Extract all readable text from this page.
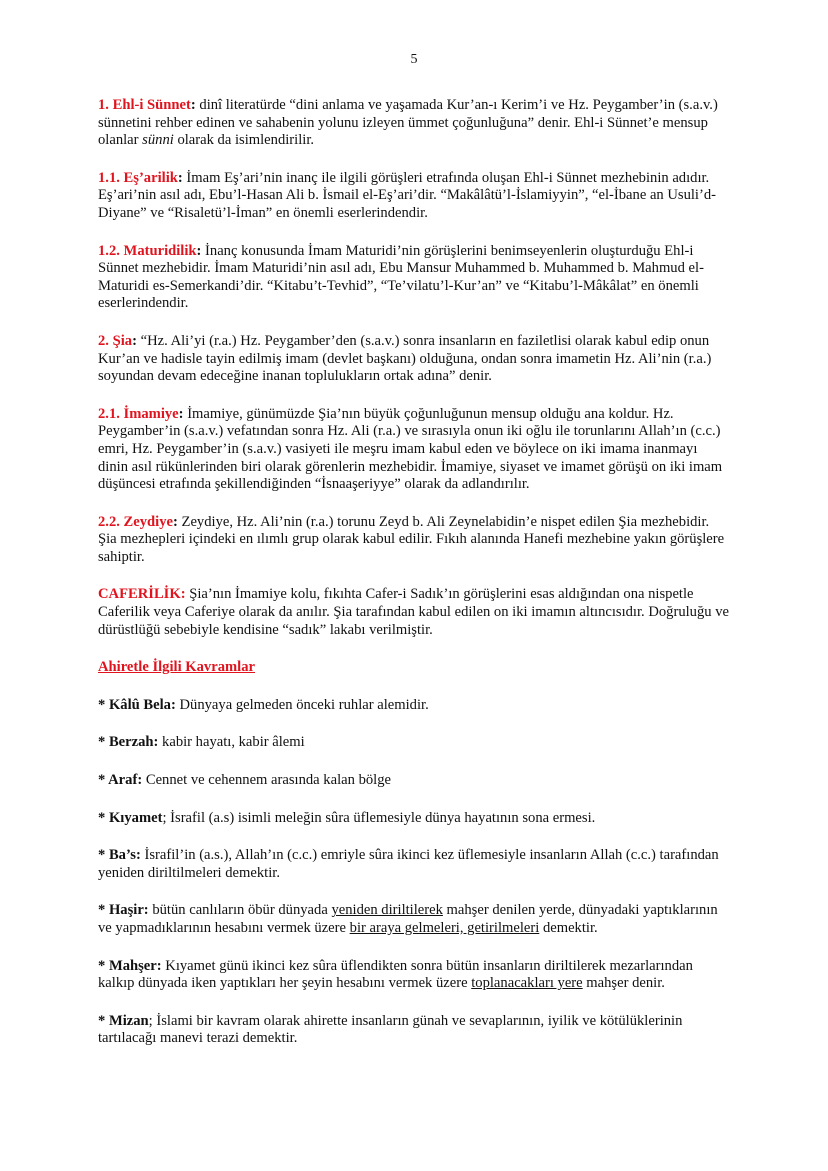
5

1. Ehl-i Sünnet: dinî literatürde “dini anlama ve yaşamada Kur’an-ı Kerim’i ve Hz. Peygamber’in (s.a.v.) sünnetini rehber edinen ve sahabenin yolunu izleyen ümmet çoğunluğuna” denir. Ehl-i Sünnet’e mensup olanlar sünni olarak da isimlendirilir.

1.1. Eş’arilik: İmam Eş’ari’nin inanç ile ilgili görüşleri etrafında oluşan Ehl-i Sünnet mezhebinin adıdır. Eş’ari’nin asıl adı, Ebu’l-Hasan Ali b. İsmail el-Eş’ari’dir. “Makâlâtü’l-İslamiyyin”, “el-İbane an Usuli’d-Diyane” ve “Risaletü’l-İman” en önemli eserlerindendir.

1.2. Maturidilik: İnanç konusunda İmam Maturidi’nin görüşlerini benimseyenlerin oluşturduğu Ehl-i Sünnet mezhebidir. İmam Maturidi’nin asıl adı, Ebu Mansur Muhammed b. Muhammed b. Mahmud el-Maturidi es-Semerkandi’dir. “Kitabu’t-Tevhid”, “Te’vilatu’l-Kur’an” ve “Kitabu’l-Mâkâlat” en önemli eserlerindendir.

2. Şia: “Hz. Ali’yi (r.a.) Hz. Peygamber’den (s.a.v.) sonra insanların en faziletlisi olarak kabul edip onun Kur’an ve hadisle tayin edilmiş imam (devlet başkanı) olduğuna, ondan sonra imametin Hz. Ali’nin (r.a.) soyundan devam edeceğine inanan toplulukların ortak adına” denir.

2.1. İmamiye: İmamiye, günümüzde Şia’nın büyük çoğunluğunun mensup olduğu ana koldur. Hz. Peygamber’in (s.a.v.) vefatından sonra Hz. Ali (r.a.) ve sırasıyla onun iki oğlu ile torunlarını Allah’ın (c.c.) emri, Hz. Peygamber’in (s.a.v.) vasiyeti ile meşru imam kabul eden ve böylece on iki imama inanmayı dinin asıl rükünlerinden biri olarak görenlerin mezhebidir. İmamiye, siyaset ve imamet görüşü on iki imam düşüncesi etrafında şekillendiğinden “İsnaaşeriyye” olarak da adlandırılır.

2.2. Zeydiye: Zeydiye, Hz. Ali’nin (r.a.) torunu Zeyd b. Ali Zeynelabidin’e nispet edilen Şia mezhebidir. Şia mezhepleri içindeki en ılımlı grup olarak kabul edilir. Fıkıh alanında Hanefi mezhebine yakın görüşlere sahiptir.

CAFERİLİK: Şia’nın İmamiye kolu, fıkıhta Cafer-i Sadık’ın görüşlerini esas aldığından ona nispetle Caferilik veya Caferiye olarak da anılır. Şia tarafından kabul edilen on iki imamın altıncısıdır. Doğruluğu ve dürüstlüğü sebebiyle kendisine “sadık” lakabı verilmiştir.

Ahiretle İlgili Kavramlar

* Kâlû Bela: Dünyaya gelmeden önceki ruhlar alemidir.

* Berzah: kabir hayatı, kabir âlemi

* Araf: Cennet ve cehennem arasında kalan bölge

* Kıyamet; İsrafil (a.s) isimli meleğin sûra üflemesiyle dünya hayatının sona ermesi.

* Ba’s: İsrafil’in (a.s.), Allah’ın (c.c.) emriyle sûra ikinci kez üflemesiyle insanların Allah (c.c.) tarafından yeniden diriltilmeleri demektir.

* Haşir: bütün canlıların öbür dünyada yeniden diriltilerek mahşer denilen yerde, dünyadaki yaptıklarının ve yapmadıklarının hesabını vermek üzere bir araya gelmeleri, getirilmeleri demektir.

* Mahşer: Kıyamet günü ikinci kez sûra üflendikten sonra bütün insanların diriltilerek mezarlarından kalkıp dünyada iken yaptıkları her şeyin hesabını vermek üzere toplanacakları yere mahşer denir.

* Mizan; İslami bir kavram olarak ahirette insanların günah ve sevaplarının, iyilik ve kötülüklerinin tartılacağı manevi terazi demektir.
